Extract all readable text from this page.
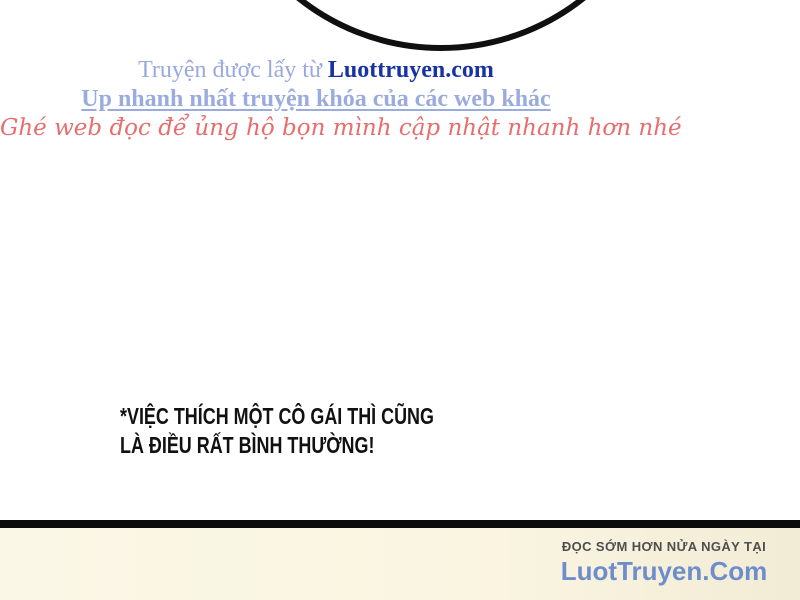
Truyện được lấy từ Luottruyen.com
Up nhanh nhất truyện khóa của các web khác
Ghé web đọc để ủng hộ bọn mình cập nhật nhanh hơn nhé
*VIỆC THÍCH MỘT CÔ GÁI THÌ CŨNG
LÀ ĐIỀU RẤT BÌNH THƯỜNG!
ĐỌC SỚM HƠN NỬA NGÀY TẠI
LuotTruyen.Com
